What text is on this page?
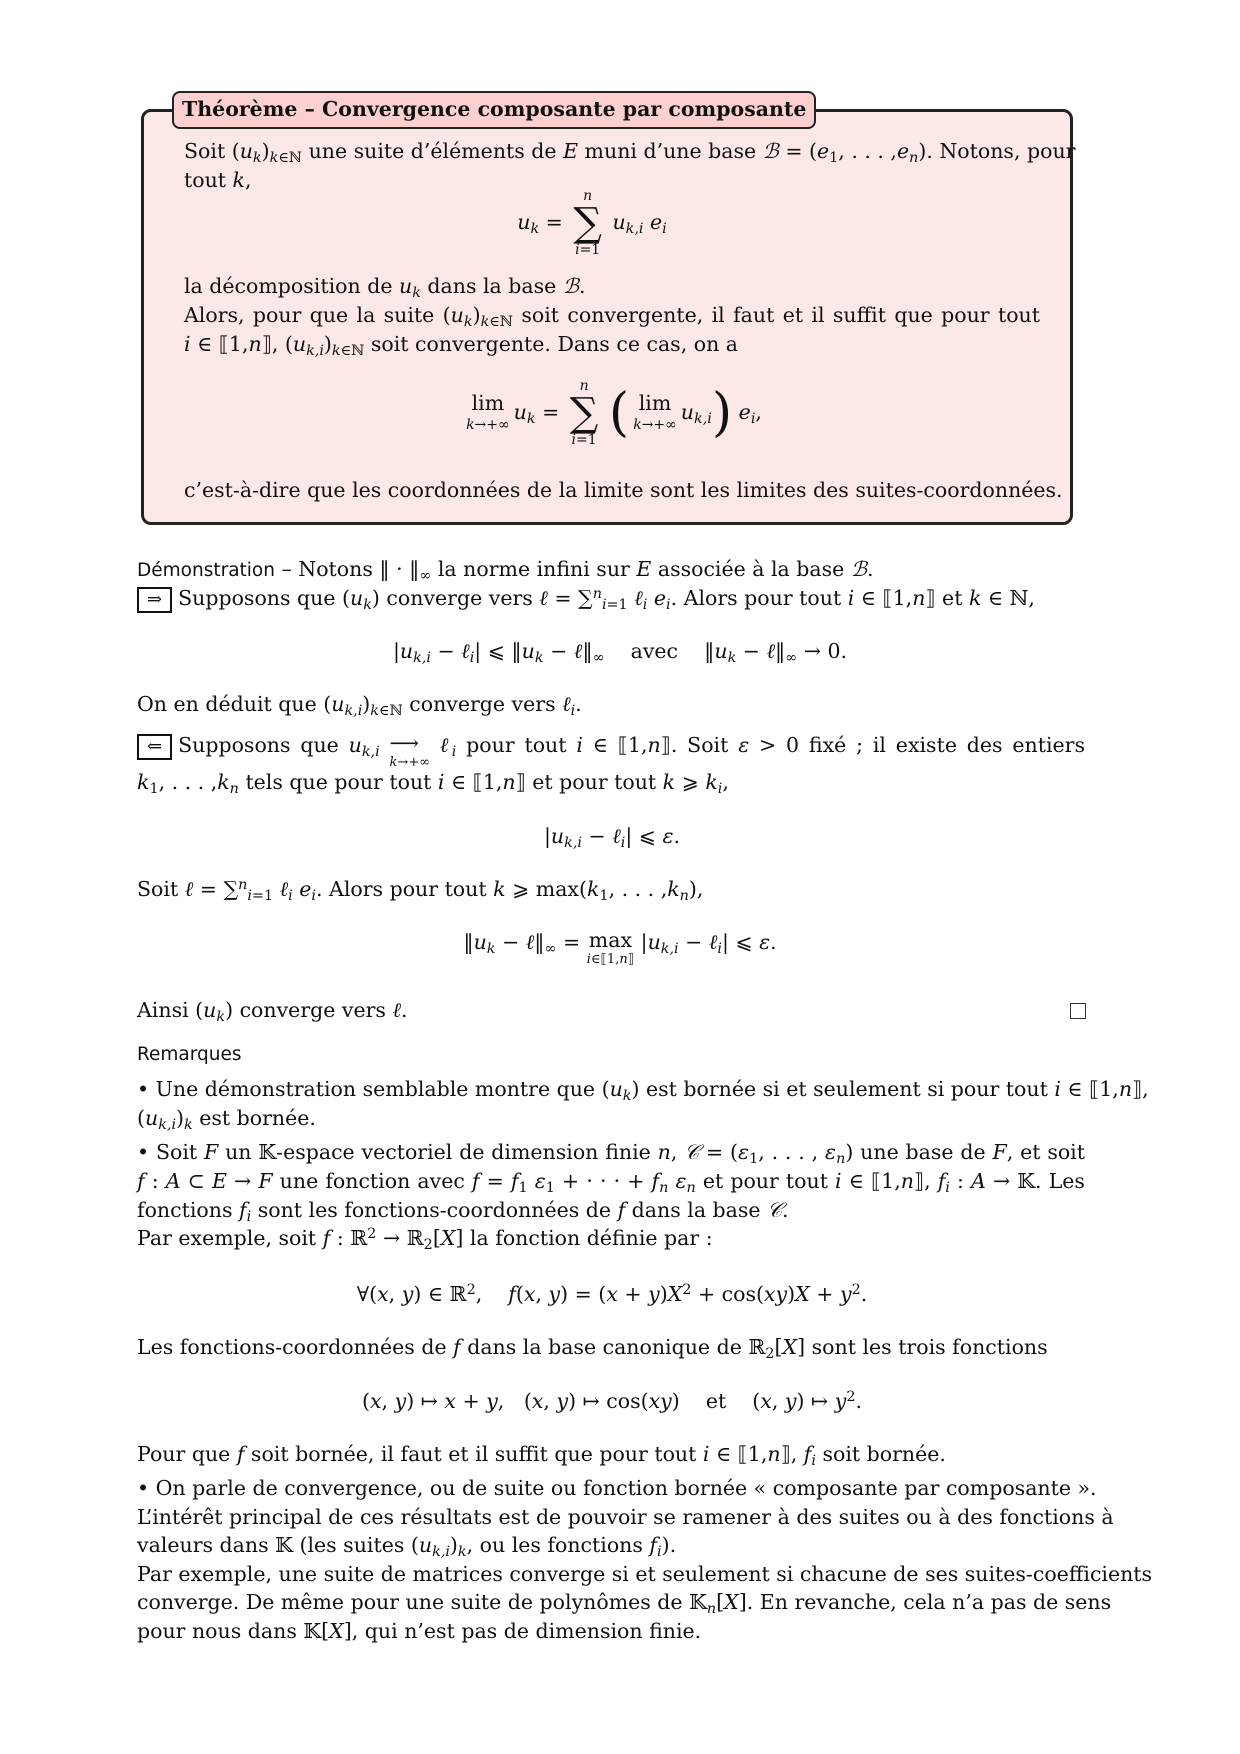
Théorème – Convergence composante par composante
Soit $(u_k)_{k\in ℕ}$ une suite d’éléments de E muni d’une base ℬ = ($e_1$, . . . $,e_n$). Notons, pour
tout k,
$u_k$ =
n
∑
i=1
$u_{k,i}$ $e_i$
la décomposition de $u_k$ dans la base ℬ.
Alors, pour que la suite $(u_k)_{k\in ℕ}$ soit convergente, il faut et il suffit que pour tout
i ∈ ⟦1,n⟧, $(u_{k,i})_{k\in ℕ}$ soit convergente. Dans ce cas, on a
lim
k→+∞
$u_k$ =
n
∑
i=1 ( lim
k→+∞
$u_{k,i}$) $e_i$,
c’est-à-dire que les coordonnées de la limite sont les limites des suites-coordonnées.
Démonstration – Notons ‖ · $‖_\infty$ la norme infini sur E associée à la base ℬ.
⇒ Supposons que $(u_k)$ converge vers ℓ = ∑$^n_{i=1}$ ℓ$_i$ $e_i$. Alors pour tout i ∈ ⟦1,n⟧ et k ∈ ℕ,
$|u_{k,i}$ − ℓ$_i$| ⩽ $‖u_k$ − $\ell‖_\infty$ avec    $‖u_k$ − $\ell‖_\infty \to 0$.
On en déduit que $(u_{k,i})_{k\in ℕ}$ converge vers ℓ$_i$.
⇐ Supposons que $u_{k,i}$ ⟶
k→+∞
ℓ$_i$ pour tout i ∈ ⟦1,n⟧. Soit ε > 0 fixé ; il existe des entiers
$k_1$, . . . $,k_n$ tels que pour tout i ∈ ⟦1,n⟧ et pour tout k ⩾ $k_i$,
$|u_{k,i}$ − ℓ$_i$| ⩽ ε.
Soit ℓ = ∑$^n_{i=1}$ ℓ$_i$ $e_i$. Alors pour tout k ⩾ $\max(k_1$, . . . $,k_n$),
$‖u_k$ − $\ell‖_\infty = \max$
i∈⟦1,n⟧
$|u_{k,i}$ − ℓ$_i$| ⩽ ε.
Ainsi $(u_k)$ converge vers ℓ.
Remarques
• Une démonstration semblable montre que $(u_k)$ est bornée si et seulement si pour tout i ∈ ⟦1,n⟧,
$(u_{k,i})_k$ est bornée.
• Soit F un 𝕂-espace vectoriel de dimension finie n, 𝒞 = ($\varepsilon_1$, . . . , $\varepsilon_n$) une base de F, et soit
f : A ⊂ E → F une fonction avec $f = f_1$ $\varepsilon_1$ + · · · + $f_n$ $\varepsilon_n$ et pour tout i ∈ ⟦1,n⟧, $f_i$ : A → 𝕂. Les
fonctions $f_i$ sont les fonctions-coordonnées de f dans la base 𝒞.
Par exemple, soit f : ℝ$^2$ → ℝ$_2$[X] la fonction définie par :
∀(x, y) ∈ ℝ$^2$,    f(x, $y) = (x + y)X^2 + \cos(xy)X + y^2$.
Les fonctions-coordonnées de f dans la base canonique de ℝ$_2$[X] sont les trois fonctions
(x, y) ↦ x + y,   (x, y) ↦ cos(xy)    et    (x, y) ↦ $y^2$.
Pour que f soit bornée, il faut et il suffit que pour tout i ∈ ⟦1,n⟧, $f_i$ soit bornée.
• On parle de convergence, ou de suite ou fonction bornée « composante par composante ».
L’intérêt principal de ces résultats est de pouvoir se ramener à des suites ou à des fonctions à
valeurs dans 𝕂 (les suites $(u_{k,i})_k$, ou les fonctions $f_i$).
Par exemple, une suite de matrices converge si et seulement si chacune de ses suites-coefficients
converge. De même pour une suite de polynômes de 𝕂$_n$[X]. En revanche, cela n’a pas de sens
pour nous dans 𝕂[X], qui n’est pas de dimension finie.
